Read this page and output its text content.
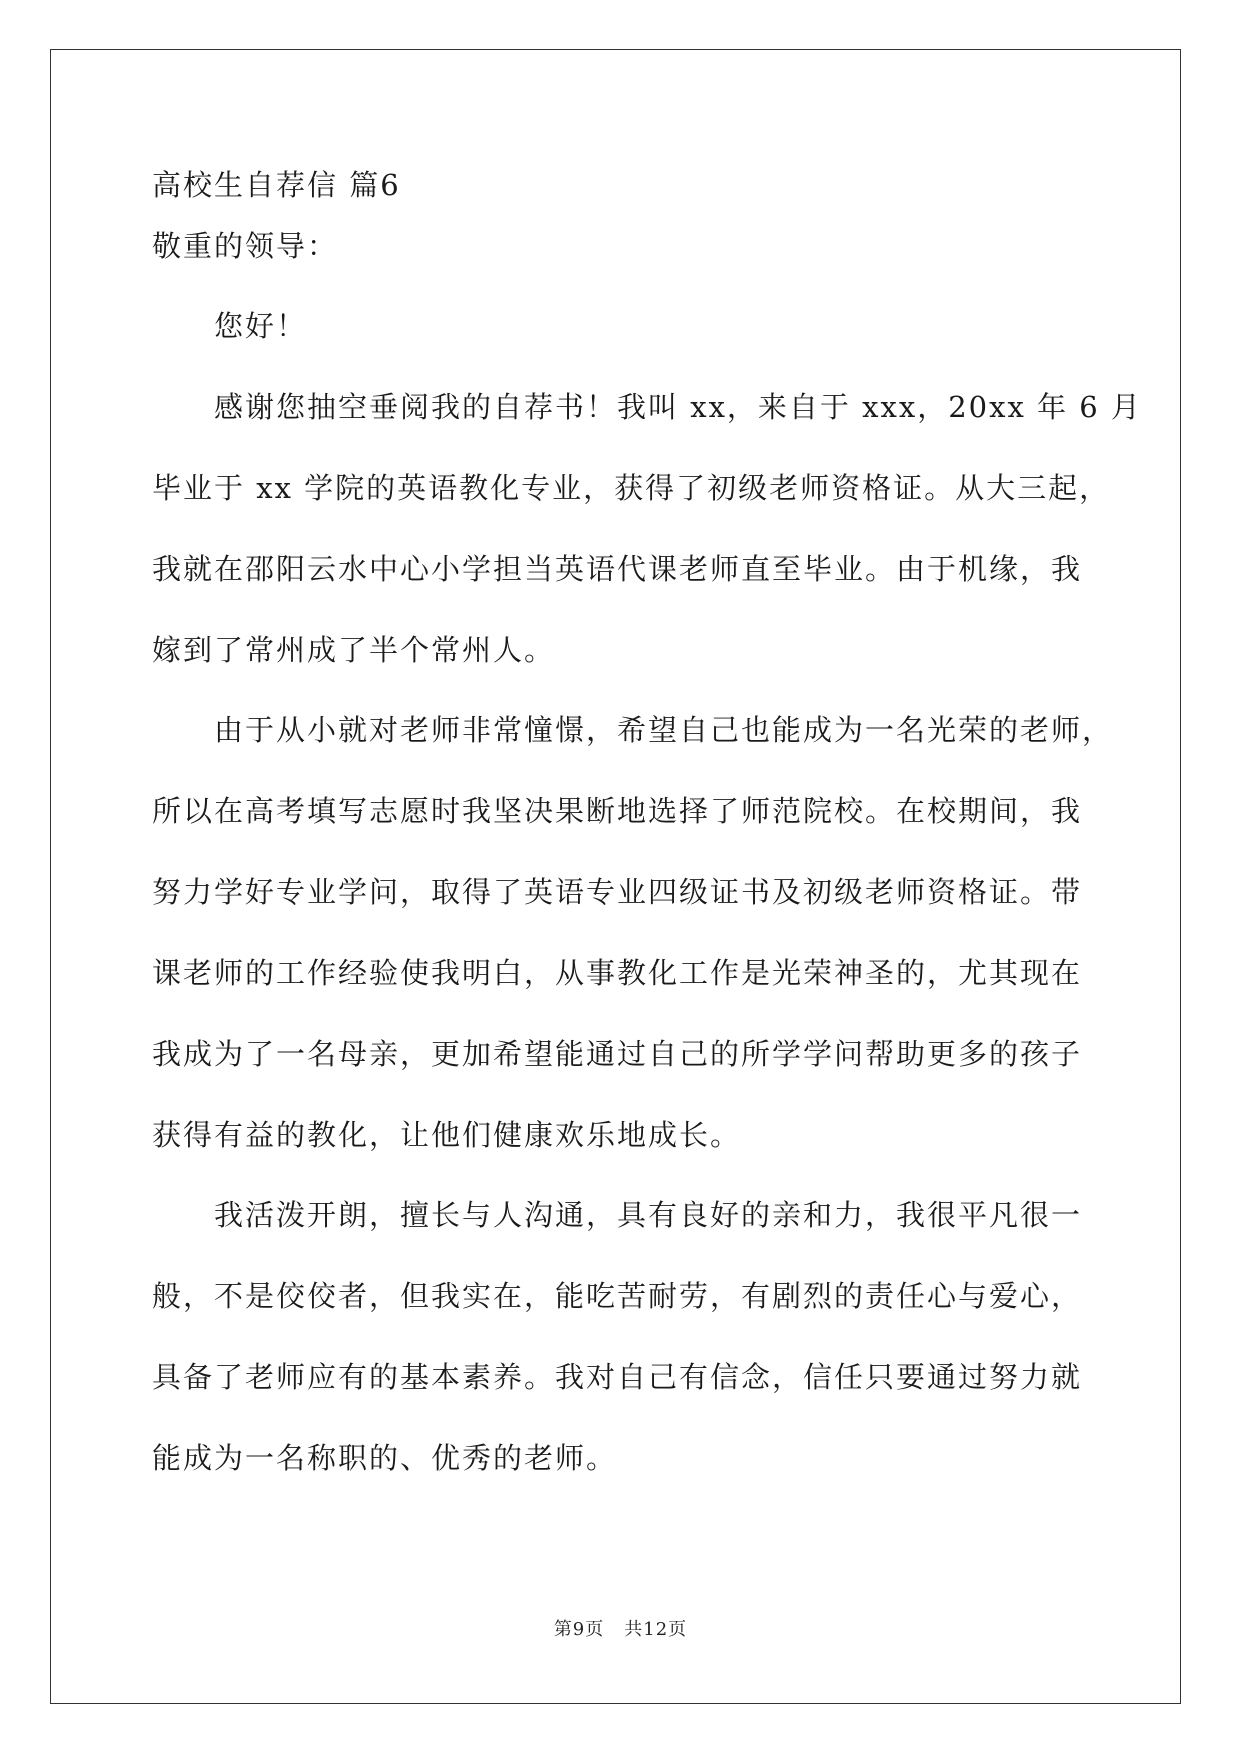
高校生自荐信 篇6
敬重的领导：
您好！
感谢您抽空垂阅我的自荐书！我叫 xx，来自于 xxx，20xx 年 6 月
毕业于 xx 学院的英语教化专业，获得了初级老师资格证。从大三起，
我就在邵阳云水中心小学担当英语代课老师直至毕业。由于机缘，我
嫁到了常州成了半个常州人。
由于从小就对老师非常憧憬，希望自己也能成为一名光荣的老师，
所以在高考填写志愿时我坚决果断地选择了师范院校。在校期间，我
努力学好专业学问，取得了英语专业四级证书及初级老师资格证。带
课老师的工作经验使我明白，从事教化工作是光荣神圣的，尤其现在
我成为了一名母亲，更加希望能通过自己的所学学问帮助更多的孩子
获得有益的教化，让他们健康欢乐地成长。
我活泼开朗，擅长与人沟通，具有良好的亲和力，我很平凡很一
般，不是佼佼者，但我实在，能吃苦耐劳，有剧烈的责任心与爱心，
具备了老师应有的基本素养。我对自己有信念，信任只要通过努力就
能成为一名称职的、优秀的老师。
第9页 共12页
